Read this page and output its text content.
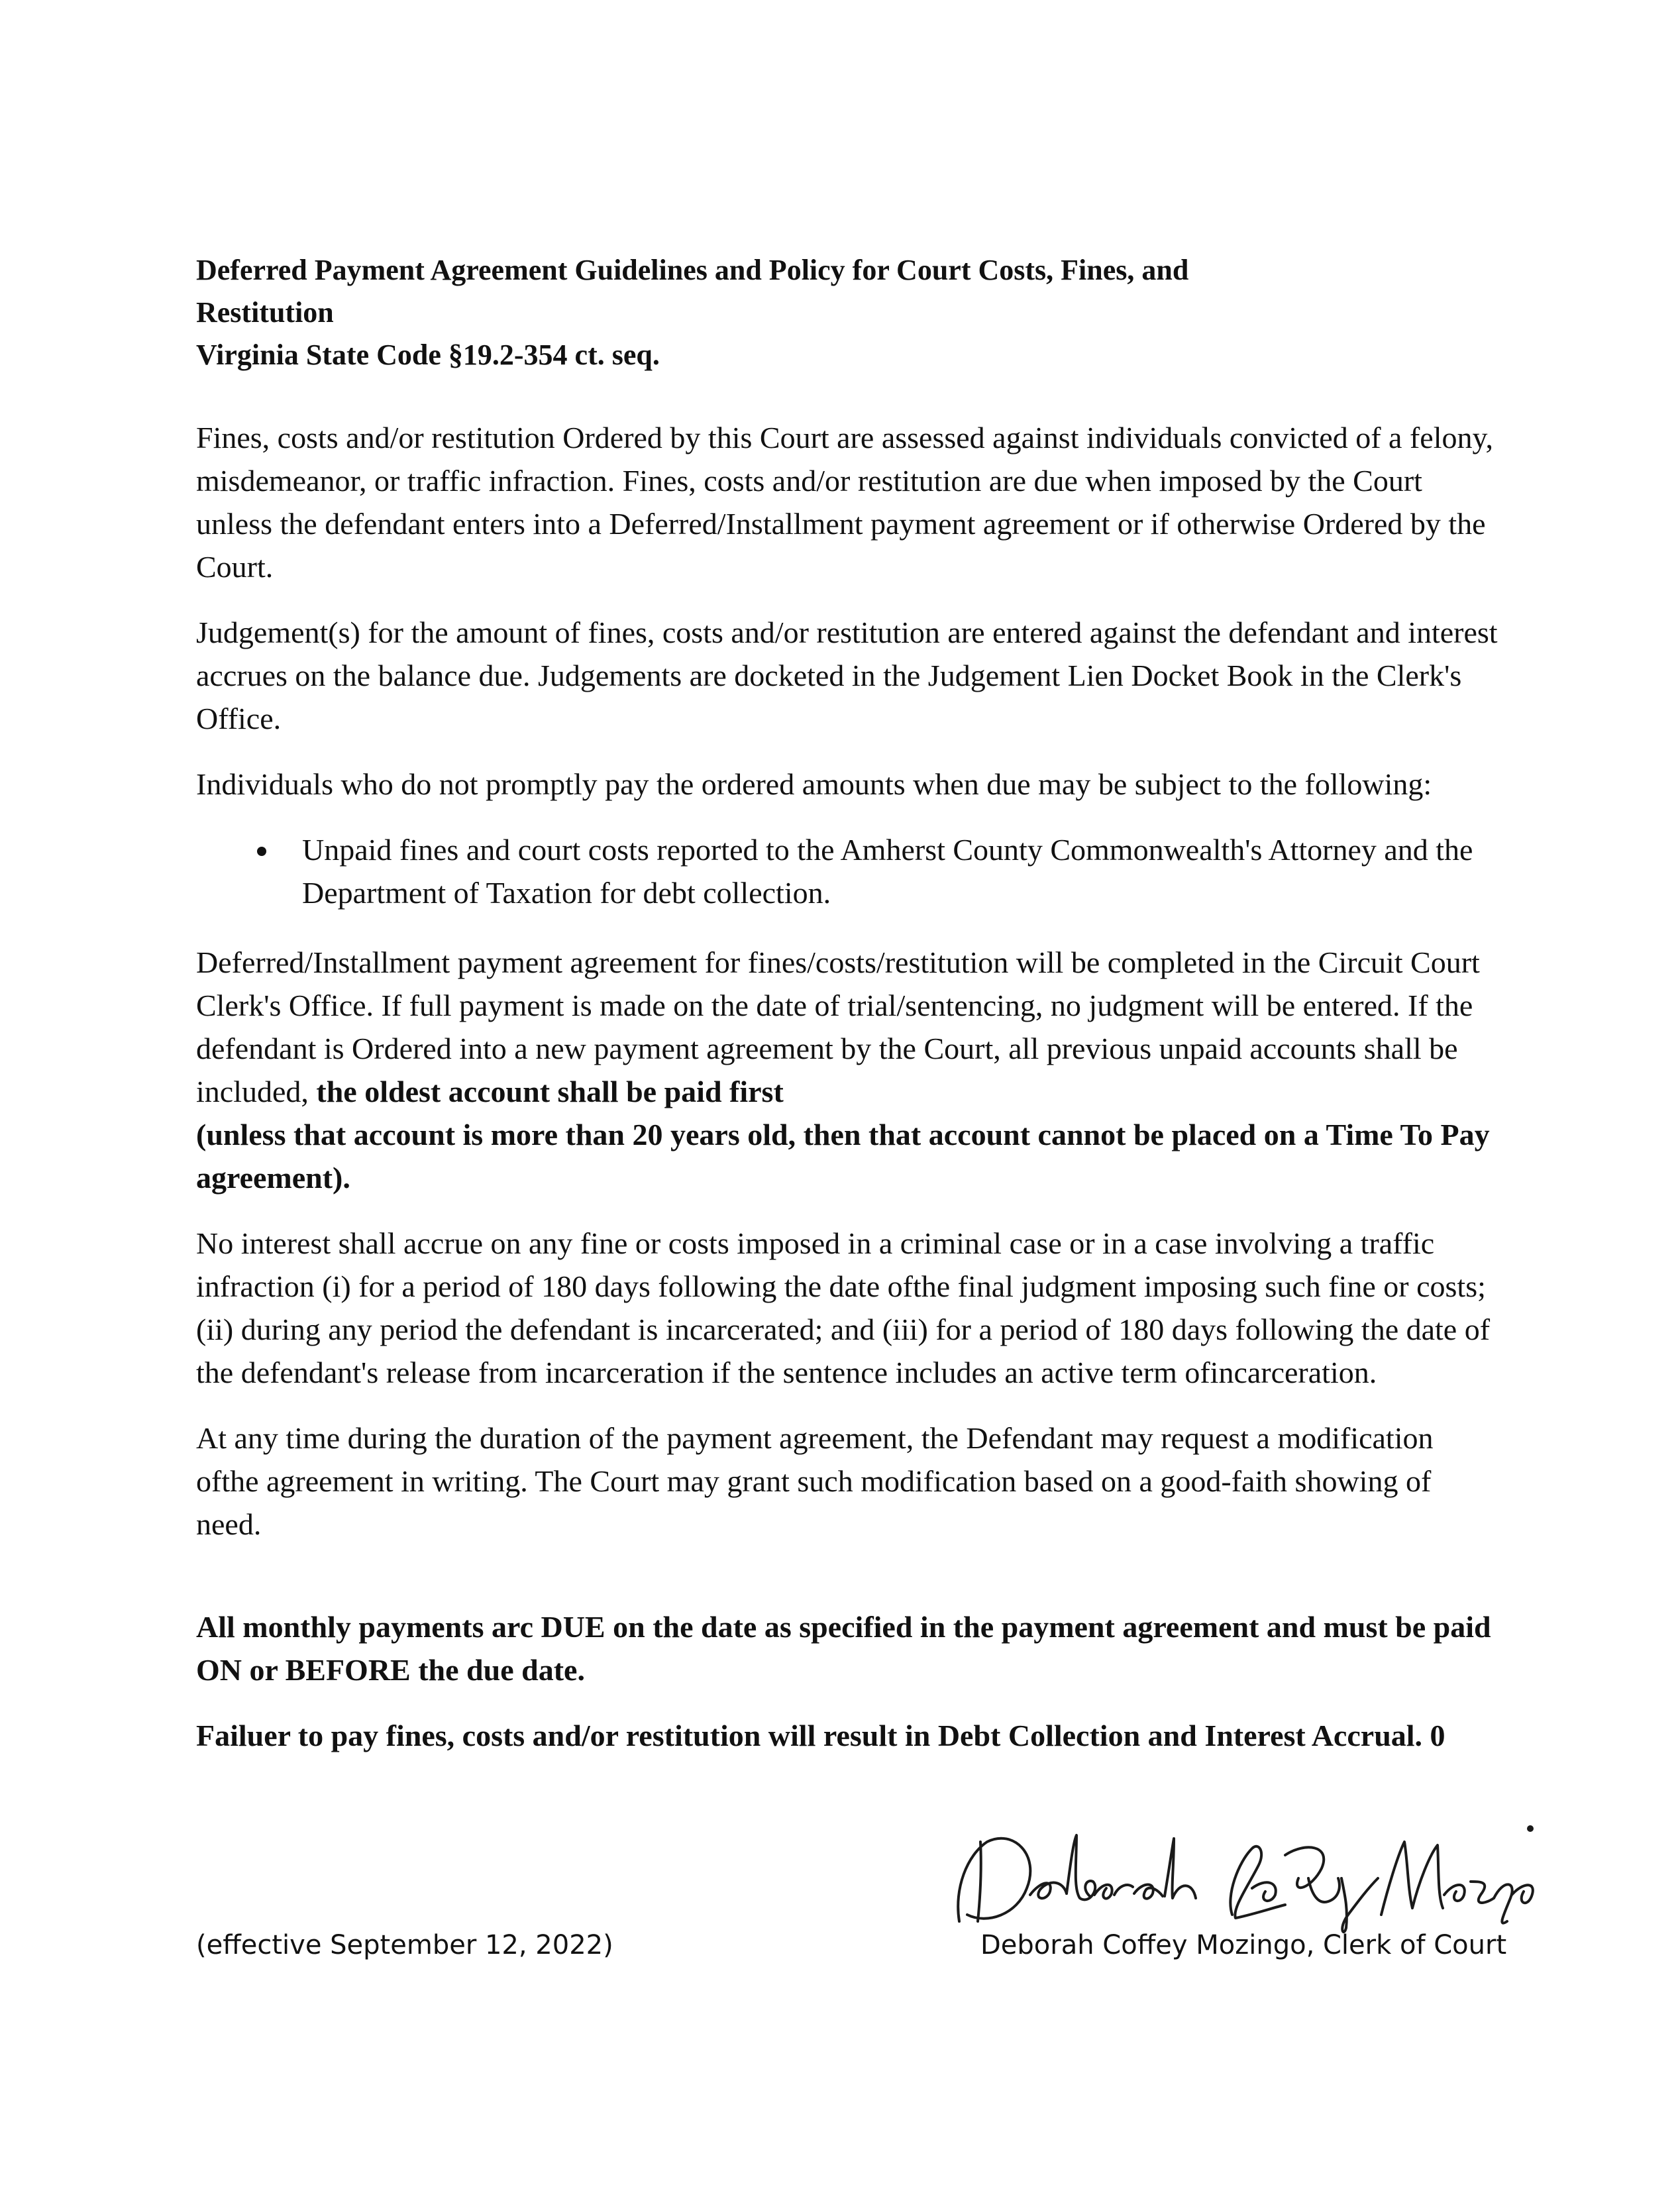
Deferred Payment Agreement Guidelines and Policy for Court Costs, Fines, and

Restitution

Virginia State Code §19.2-354 ct. seq.

Fines, costs and/or restitution Ordered by this Court are assessed against individuals convicted of a felony, misdemeanor, or traffic infraction. Fines, costs and/or restitution are due when imposed by the Court unless the defendant enters into a Deferred/Installment payment agreement or if otherwise Ordered by the Court.

Judgement(s) for the amount of fines, costs and/or restitution are entered against the defendant and interest accrues on the balance due. Judgements are docketed in the Judgement Lien Docket Book in the Clerk's Office.

Individuals who do not promptly pay the ordered amounts when due may be subject to the following:

Unpaid fines and court costs reported to the Amherst County Commonwealth's Attorney and the Department of Taxation for debt collection.

Deferred/Installment payment agreement for fines/costs/restitution will be completed in the Circuit Court Clerk's Office. If full payment is made on the date of trial/sentencing, no judgment will be entered. If the defendant is Ordered into a new payment agreement by the Court, all previous unpaid accounts shall be included, the oldest account shall be paid first
(unless that account is more than 20 years old, then that account cannot be placed on a Time To Pay agreement).

No interest shall accrue on any fine or costs imposed in a criminal case or in a case involving a traffic infraction (i) for a period of 180 days following the date ofthe final judgment imposing such fine or costs; (ii) during any period the defendant is incarcerated; and (iii) for a period of 180 days following the date of the defendant's release from incarceration if the sentence includes an active term ofincarceration.

At any time during the duration of the payment agreement, the Defendant may request a modification ofthe agreement in writing. The Court may grant such modification based on a good-faith showing of need.

All monthly payments arc DUE on the date as specified in the payment agreement and must be paid ON or BEFORE the due date.

Failuer to pay fines, costs and/or restitution will result in Debt Collection and Interest Accrual. 0

(effective September 12, 2022)	Deborah Coffey Mozingo, Clerk of Court
